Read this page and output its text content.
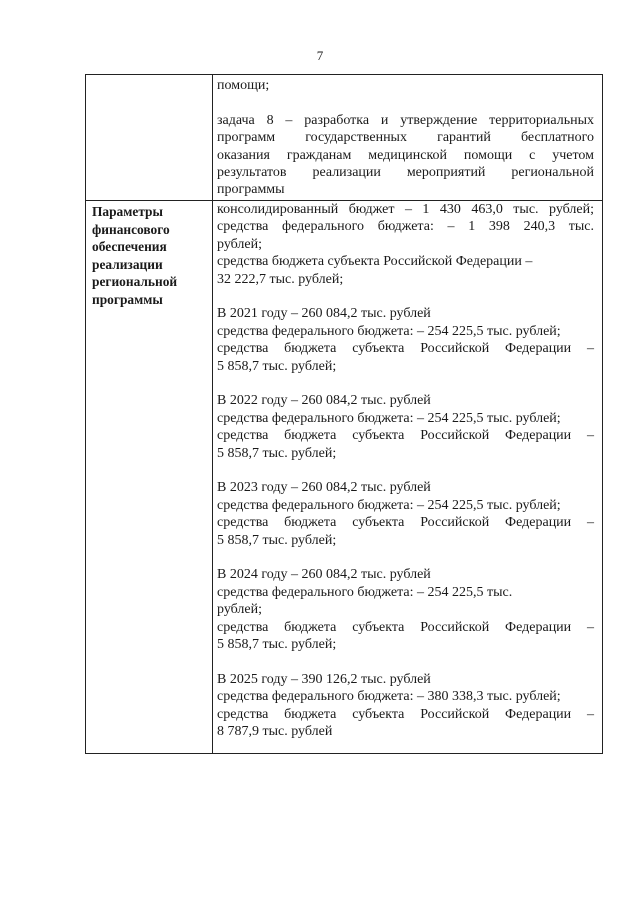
7
помощи;
задача 8 – разработка и утверждение территориальных
программ государственных гарантий бесплатного
оказания гражданам медицинской помощи с учетом
результатов реализации мероприятий региональной
программы
Параметры
финансового
обеспечения
реализации
региональной
программы
консолидированный бюджет – 1 430 463,0 тыс. рублей;
средства федерального бюджета: – 1 398 240,3 тыс.
рублей;
средства бюджета субъекта Российской Федерации –
32 222,7 тыс. рублей;
В 2021 году – 260 084,2 тыс. рублей
средства федерального бюджета: – 254 225,5 тыс. рублей;
средства бюджета субъекта Российской Федерации –
5 858,7 тыс. рублей;
В 2022 году – 260 084,2 тыс. рублей
средства федерального бюджета: – 254 225,5 тыс. рублей;
средства бюджета субъекта Российской Федерации –
5 858,7 тыс. рублей;
В 2023 году – 260 084,2 тыс. рублей
средства федерального бюджета: – 254 225,5 тыс. рублей;
средства бюджета субъекта Российской Федерации –
5 858,7 тыс. рублей;
В 2024 году – 260 084,2 тыс. рублей
средства федерального бюджета: – 254 225,5 тыс.
рублей;
средства бюджета субъекта Российской Федерации –
5 858,7 тыс. рублей;
В 2025 году – 390 126,2 тыс. рублей
средства федерального бюджета: – 380 338,3 тыс. рублей;
средства бюджета субъекта Российской Федерации –
8 787,9 тыс. рублей
